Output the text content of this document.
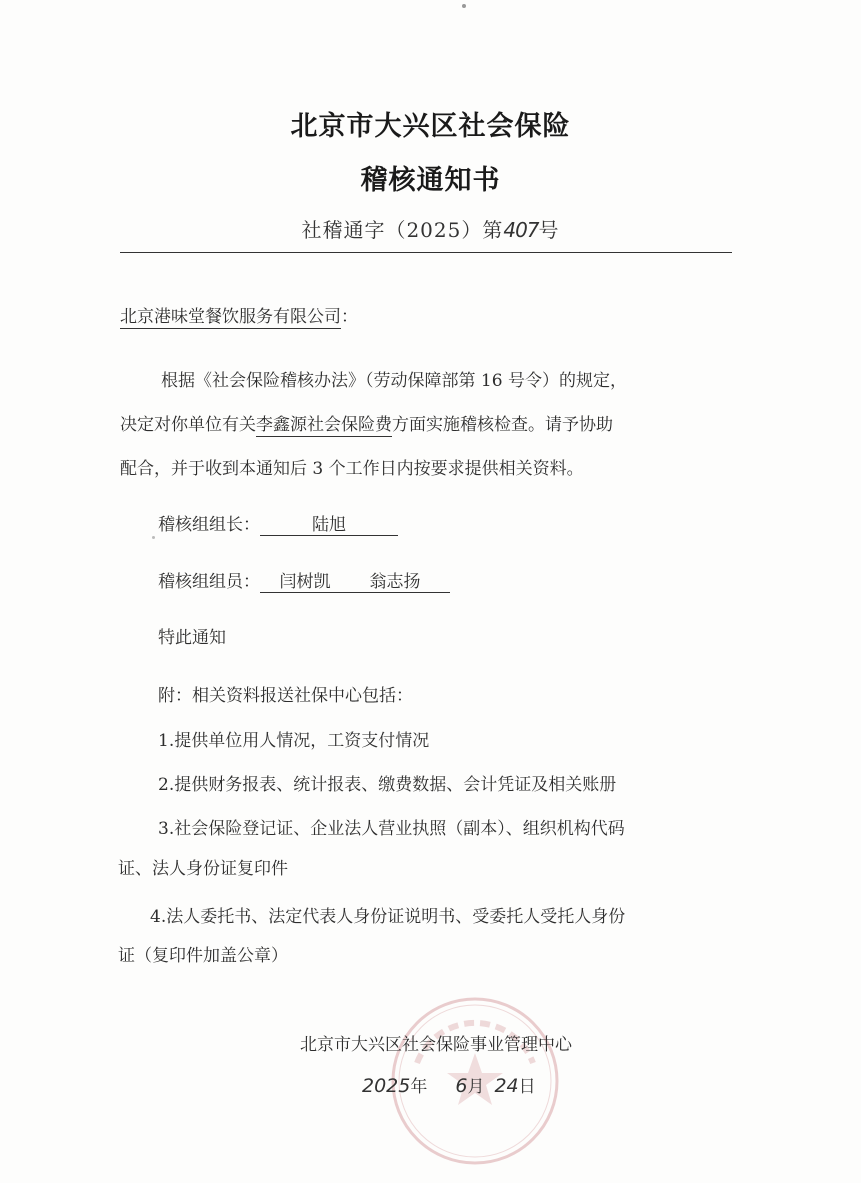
北京市大兴区社会保险
稽核通知书
社稽通字（2025）第407号
北京港味堂餐饮服务有限公司：
根据《社会保险稽核办法》（劳动保障部第 16 号令）的规定，
决定对你单位有关李鑫源社会保险费方面实施稽核检查。请予协助
配合，并于收到本通知后 3 个工作日内按要求提供相关资料。
稽核组组长：	陆旭
稽核组组员： 闫树凯 翁志扬
特此通知
附：相关资料报送社保中心包括：
1.提供单位用人情况，工资支付情况
2.提供财务报表、统计报表、缴费数据、会计凭证及相关账册
3.社会保险登记证、企业法人营业执照（副本）、组织机构代码
证、法人身份证复印件
4.法人委托书、法定代表人身份证说明书、受委托人受托人身份
证（复印件加盖公章）
北京市大兴区社会保险事业管理中心
2025年 6月 24日
